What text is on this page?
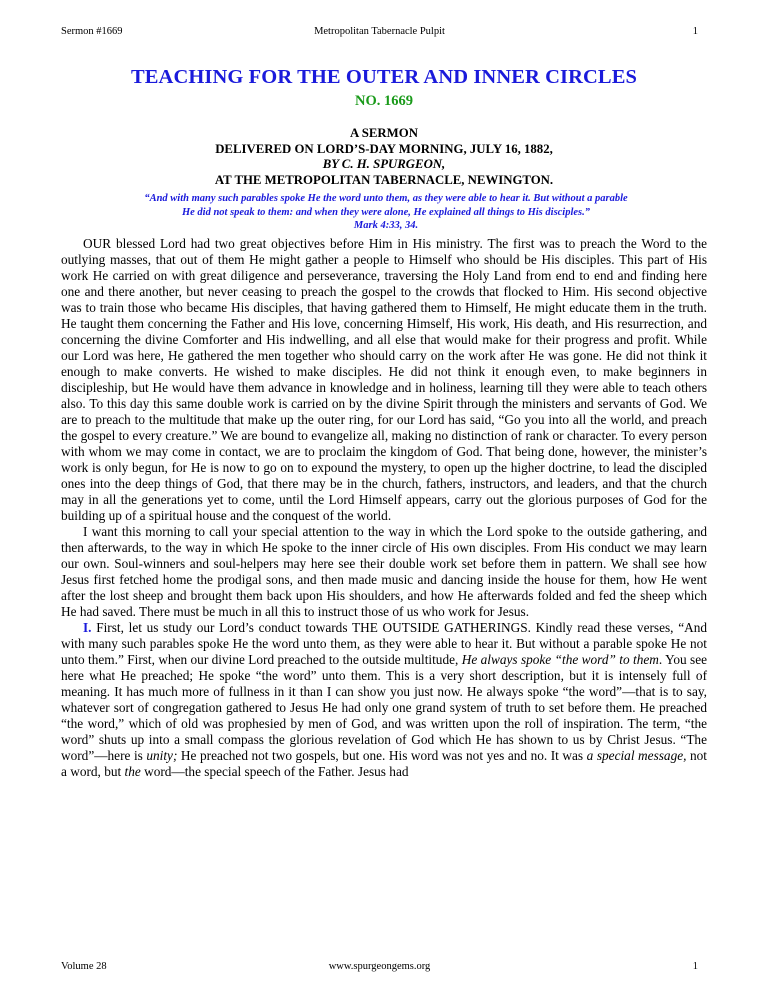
Sermon #1669	Metropolitan Tabernacle Pulpit	1
TEACHING FOR THE OUTER AND INNER CIRCLES
NO. 1669
A SERMON
DELIVERED ON LORD’S-DAY MORNING, JULY 16, 1882,
BY C. H. SPURGEON,
AT THE METROPOLITAN TABERNACLE, NEWINGTON.
“And with many such parables spoke He the word unto them, as they were able to hear it. But without a parable
He did not speak to them: and when they were alone, He explained all things to His disciples.”
Mark 4:33, 34.

OUR blessed Lord had two great objectives before Him in His ministry. The first was to preach the Word to the outlying masses, that out of them He might gather a people to Himself who should be His disciples. This part of His work He carried on with great diligence and perseverance, traversing the Holy Land from end to end and finding here one and there another, but never ceasing to preach the gospel to the crowds that flocked to Him. His second objective was to train those who became His disciples, that having gathered them to Himself, He might educate them in the truth. He taught them concerning the Father and His love, concerning Himself, His work, His death, and His resurrection, and concerning the divine Comforter and His indwelling, and all else that would make for their progress and profit. While our Lord was here, He gathered the men together who should carry on the work after He was gone. He did not think it enough to make converts. He wished to make disciples. He did not think it enough even, to make beginners in discipleship, but He would have them advance in knowledge and in holiness, learning till they were able to teach others also. To this day this same double work is carried on by the divine Spirit through the ministers and servants of God. We are to preach to the multitude that make up the outer ring, for our Lord has said, “Go you into all the world, and preach the gospel to every creature.” We are bound to evangelize all, making no distinction of rank or character. To every person with whom we may come in contact, we are to proclaim the kingdom of God. That being done, however, the minister’s work is only begun, for He is now to go on to expound the mystery, to open up the higher doctrine, to lead the discipled ones into the deep things of God, that there may be in the church, fathers, instructors, and leaders, and that the church may in all the generations yet to come, until the Lord Himself appears, carry out the glorious purposes of God for the building up of a spiritual house and the conquest of the world.

I want this morning to call your special attention to the way in which the Lord spoke to the outside gathering, and then afterwards, to the way in which He spoke to the inner circle of His own disciples. From His conduct we may learn our own. Soul-winners and soul-helpers may here see their double work set before them in pattern. We shall see how Jesus first fetched home the prodigal sons, and then made music and dancing inside the house for them, how He went after the lost sheep and brought them back upon His shoulders, and how He afterwards folded and fed the sheep which He had saved. There must be much in all this to instruct those of us who work for Jesus.

I. First, let us study our Lord’s conduct towards THE OUTSIDE GATHERINGS. Kindly read these verses, “And with many such parables spoke He the word unto them, as they were able to hear it. But without a parable spoke He not unto them.” First, when our divine Lord preached to the outside multitude, He always spoke “the word” to them. You see here what He preached; He spoke “the word” unto them. This is a very short description, but it is intensely full of meaning. It has much more of fullness in it than I can show you just now. He always spoke “the word”—that is to say, whatever sort of congregation gathered to Jesus He had only one grand system of truth to set before them. He preached “the word,” which of old was prophesied by men of God, and was written upon the roll of inspiration. The term, “the word” shuts up into a small compass the glorious revelation of God which He has shown to us by Christ Jesus. “The word”—here is unity; He preached not two gospels, but one. His word was not yes and no. It was a special message, not a word, but the word—the special speech of the Father. Jesus had

Volume 28	www.spurgeongems.org	1
